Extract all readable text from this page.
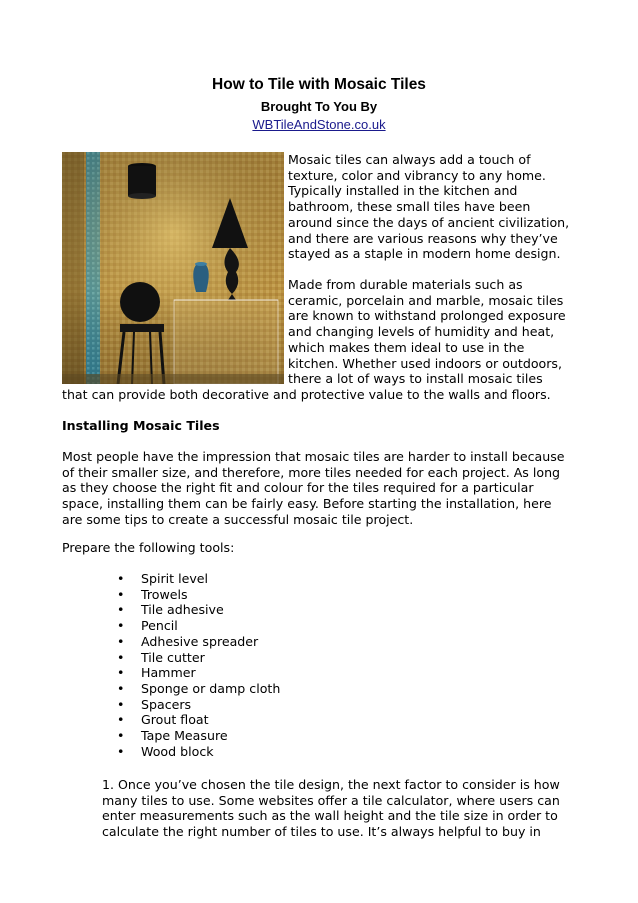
How to Tile with Mosaic Tiles
Brought To You By
WBTileAndStone.co.uk

Mosaic tiles can always add a touch of

texture, color and vibrancy to any home.

Typically installed in the kitchen and

bathroom, these small tiles have been

around since the days of ancient civilization,

and there are various reasons why they’ve

stayed as a staple in modern home design.

Made from durable materials such as

ceramic, porcelain and marble, mosaic tiles

are known to withstand prolonged exposure

and changing levels of humidity and heat,

which makes them ideal to use in the

kitchen. Whether used indoors or outdoors,

there a lot of ways to install mosaic tiles

that can provide both decorative and protective value to the walls and floors.

Installing Mosaic Tiles

Most people have the impression that mosaic tiles are harder to install because

of their smaller size, and therefore, more tiles needed for each project. As long

as they choose the right fit and colour for the tiles required for a particular

space, installing them can be fairly easy. Before starting the installation, here

are some tips to create a successful mosaic tile project.

Prepare the following tools:
• Spirit level
• Trowels
• Tile adhesive
• Pencil
• Adhesive spreader
• Tile cutter
• Hammer
• Sponge or damp cloth
• Spacers
• Grout float
• Tape Measure
• Wood block

1. Once you’ve chosen the tile design, the next factor to consider is how

many tiles to use. Some websites offer a tile calculator, where users can

enter measurements such as the wall height and the tile size in order to

calculate the right number of tiles to use. It’s always helpful to buy in
